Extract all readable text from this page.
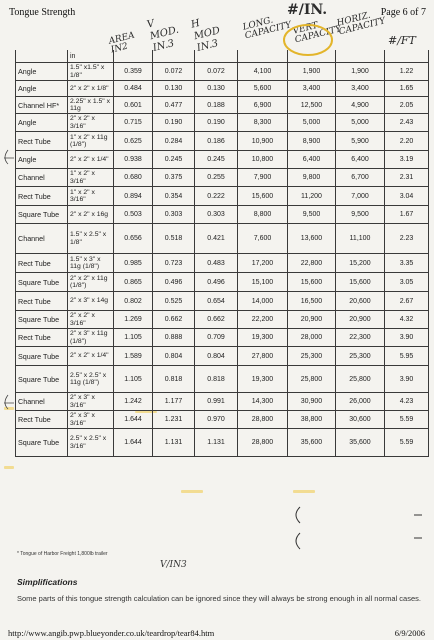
Tongue Strength	Page 6 of 7
AREA IN2
V MOD. IN.3
H MOD IN.3
LONG. CAPACITY
#/IN.
VERT. CAPACITY
HORIZ. CAPACITY
#/FT
	in							
Angle	1.5" x1.5" x 1/8"	0.359	0.072	0.072	4,100	1,900	1,900	1.22
Angle	2" x 2" x 1/8"	0.484	0.130	0.130	5,600	3,400	3,400	1.65
Channel HF*	2.25" x 1.5" x 11g	0.601	0.477	0.188	6,900	12,500	4,900	2.05
Angle	2" x 2" x 3/16"	0.715	0.190	0.190	8,300	5,000	5,000	2.43
Rect Tube	1" x 2" x 11g (1/8")	0.625	0.284	0.186	10,900	8,900	5,900	2.20
Angle	2" x 2" x 1/4"	0.938	0.245	0.245	10,800	6,400	6,400	3.19
Channel	1" x 2" x 3/16"	0.680	0.375	0.255	7,900	9,800	6,700	2.31
Rect Tube	1" x 2" x 3/16"	0.894	0.354	0.222	15,600	11,200	7,000	3.04
Square Tube	2" x 2" x 16g	0.503	0.303	0.303	8,800	9,500	9,500	1.67
Channel	1.5" x 2.5" x 1/8"	0.656	0.518	0.421	7,600	13,600	11,100	2.23
Rect Tube	1.5" x 3" x 11g (1/8")	0.985	0.723	0.483	17,200	22,800	15,200	3.35
Square Tube	2" x 2" x 11g (1/8")	0.865	0.496	0.496	15,100	15,600	15,600	3.05
Rect Tube	2" x 3" x 14g	0.802	0.525	0.654	14,000	16,500	20,600	2.67
Square Tube	2" x 2" x 3/16"	1.269	0.662	0.662	22,200	20,900	20,900	4.32
Rect Tube	2" x 3" x 11g (1/8")	1.105	0.888	0.709	19,300	28,000	22,300	3.90
Square Tube	2" x 2" x 1/4"	1.589	0.804	0.804	27,800	25,300	25,300	5.95
Square Tube	2.5" x 2.5" x 11g (1/8")	1.105	0.818	0.818	19,300	25,800	25,800	3.90
Channel	2" x 3" x 3/16"	1.242	1.177	0.991	14,300	30,900	26,000	4.23
Rect Tube	2" x 3" x 3/16"	1.644	1.231	0.970	28,800	38,800	30,600	5.59
Square Tube	2.5" x 2.5" x 3/16"	1.644	1.131	1.131	28,800	35,600	35,600	5.59
* Tongue of Harbor Freight 1,800lb trailer
V/IN3
Simplifications
Some parts of this tongue strength calculation can be ignored since they will always be strong enough in all normal cases.
http://www.angib.pwp.blueyonder.co.uk/teardrop/tear84.htm	6/9/2006
